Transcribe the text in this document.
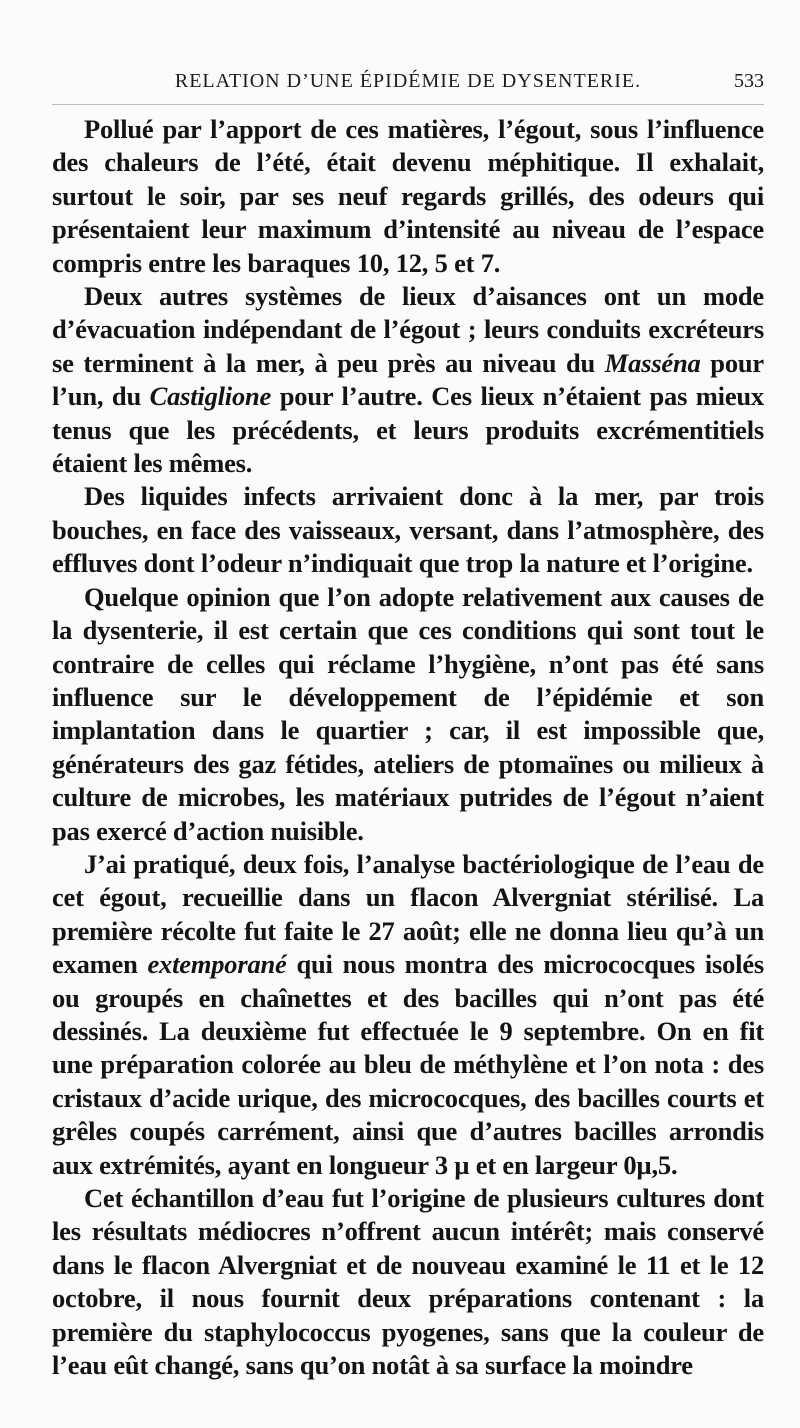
RELATION D’UNE ÉPIDÉMIE DE DYSENTERIE.	533

Pollué par l’apport de ces matières, l’égout, sous l’influence des chaleurs de l’été, était devenu méphitique. Il exhalait, surtout le soir, par ses neuf regards grillés, des odeurs qui présentaient leur maximum d’intensité au niveau de l’espace compris entre les baraques 10, 12, 5 et 7.

Deux autres systèmes de lieux d’aisances ont un mode d’évacuation indépendant de l’égout ; leurs conduits excréteurs se terminent à la mer, à peu près au niveau du Masséna pour l’un, du Castiglione pour l’autre. Ces lieux n’étaient pas mieux tenus que les précédents, et leurs produits excrémentitiels étaient les mêmes.

Des liquides infects arrivaient donc à la mer, par trois bouches, en face des vaisseaux, versant, dans l’atmosphère, des effluves dont l’odeur n’indiquait que trop la nature et l’origine.

Quelque opinion que l’on adopte relativement aux causes de la dysenterie, il est certain que ces conditions qui sont tout le contraire de celles qui réclame l’hygiène, n’ont pas été sans influence sur le développement de l’épidémie et son implantation dans le quartier ; car, il est impossible que, générateurs des gaz fétides, ateliers de ptomaïnes ou milieux à culture de microbes, les matériaux putrides de l’égout n’aient pas exercé d’action nuisible.

J’ai pratiqué, deux fois, l’analyse bactériologique de l’eau de cet égout, recueillie dans un flacon Alvergniat stérilisé. La première récolte fut faite le 27 août; elle ne donna lieu qu’à un examen extemporané qui nous montra des micrococques isolés ou groupés en chaînettes et des bacilles qui n’ont pas été dessinés. La deuxième fut effectuée le 9 septembre. On en fit une préparation colorée au bleu de méthylène et l’on nota : des cristaux d’acide urique, des micrococques, des bacilles courts et grêles coupés carrément, ainsi que d’autres bacilles arrondis aux extrémités, ayant en longueur 3 µ et en largeur 0µ,5.

Cet échantillon d’eau fut l’origine de plusieurs cultures dont les résultats médiocres n’offrent aucun intérêt; mais conservé dans le flacon Alvergniat et de nouveau examiné le 11 et le 12 octobre, il nous fournit deux préparations contenant : la première du staphylococcus pyogenes, sans que la couleur de l’eau eût changé, sans qu’on notât à sa surface la moindre
